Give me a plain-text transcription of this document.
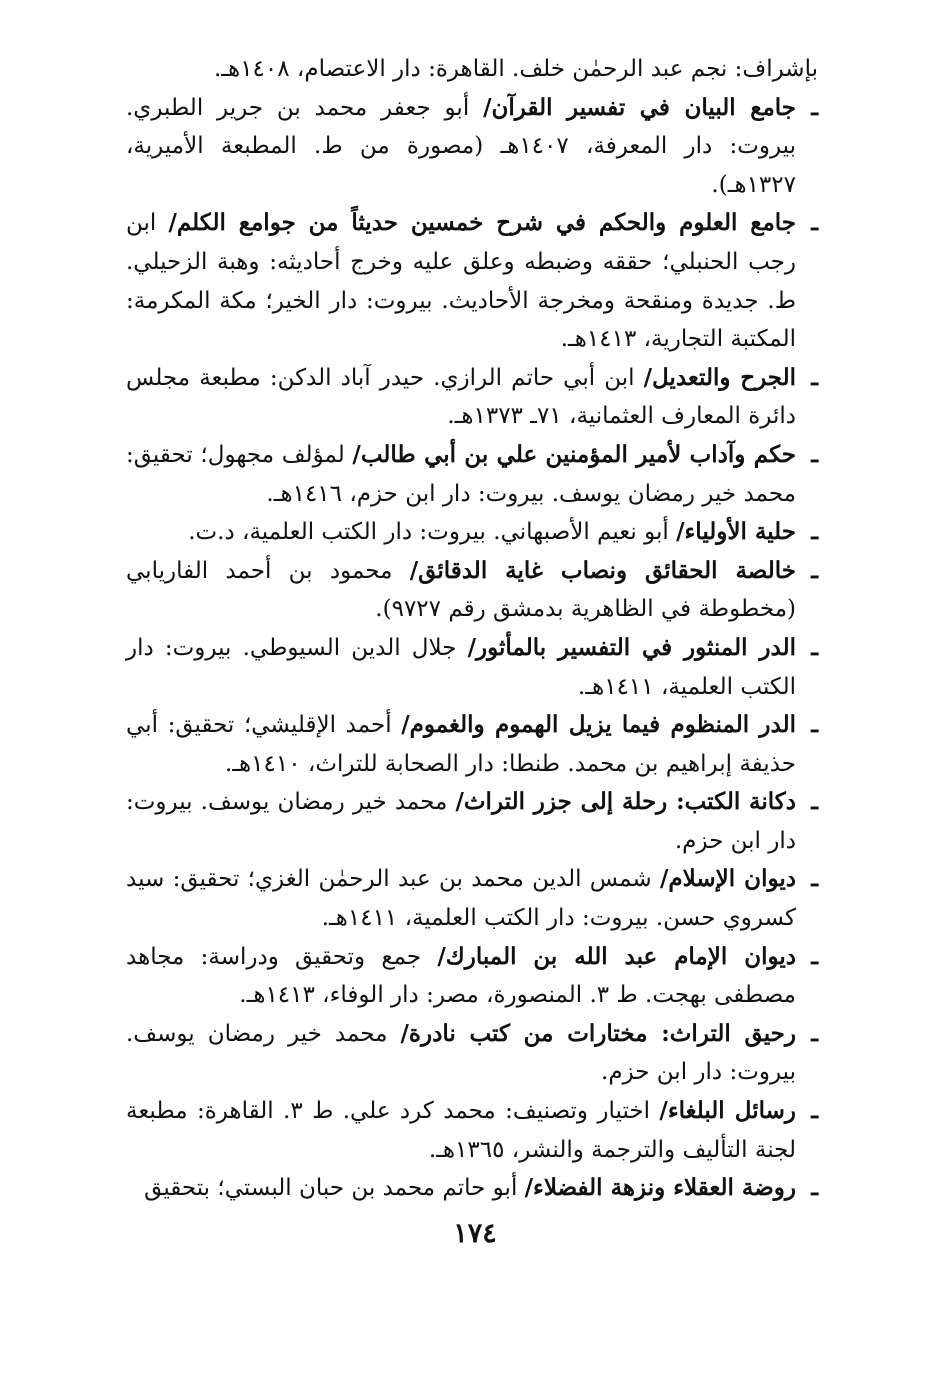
بإشراف: نجم عبد الرحمٰن خلف. القاهرة: دار الاعتصام، ١٤٠٨هـ.

ـجامع البيان في تفسير القرآن/ أبو جعفر محمد بن جرير الطبري. بيروت: دار المعرفة، ١٤٠٧هـ (مصورة من ط. المطبعة الأميرية، ١٣٢٧هـ).

ـجامع العلوم والحكم في شرح خمسين حديثاً من جوامع الكلم/ ابن رجب الحنبلي؛ حققه وضبطه وعلق عليه وخرج أحاديثه: وهبة الزحيلي. ط. جديدة ومنقحة ومخرجة الأحاديث. بيروت: دار الخير؛ مكة المكرمة: المكتبة التجارية، ١٤١٣هـ.

ـالجرح والتعديل/ ابن أبي حاتم الرازي. حيدر آباد الدكن: مطبعة مجلس دائرة المعارف العثمانية، ٧١ـ ١٣٧٣هـ.

ـحكم وآداب لأمير المؤمنين علي بن أبي طالب/ لمؤلف مجهول؛ تحقيق: محمد خير رمضان يوسف. بيروت: دار ابن حزم، ١٤١٦هـ.

ـحلية الأولياء/ أبو نعيم الأصبهاني. بيروت: دار الكتب العلمية، د.ت.

ـخالصة الحقائق ونصاب غاية الدقائق/ محمود بن أحمد الفاريابي (مخطوطة في الظاهرية بدمشق رقم ٩٧٢٧).

ـالدر المنثور في التفسير بالمأثور/ جلال الدين السيوطي. بيروت: دار الكتب العلمية، ١٤١١هـ.

ـالدر المنظوم فيما يزيل الهموم والغموم/ أحمد الإقليشي؛ تحقيق: أبي حذيفة إبراهيم بن محمد. طنطا: دار الصحابة للتراث، ١٤١٠هـ.

ـدكانة الكتب: رحلة إلى جزر التراث/ محمد خير رمضان يوسف. بيروت: دار ابن حزم.

ـديوان الإسلام/ شمس الدين محمد بن عبد الرحمٰن الغزي؛ تحقيق: سيد كسروي حسن. بيروت: دار الكتب العلمية، ١٤١١هـ.

ـديوان الإمام عبد الله بن المبارك/ جمع وتحقيق ودراسة: مجاهد مصطفى بهجت. ط ٣. المنصورة، مصر: دار الوفاء، ١٤١٣هـ.

ـرحيق التراث: مختارات من كتب نادرة/ محمد خير رمضان يوسف. بيروت: دار ابن حزم.

ـرسائل البلغاء/ اختيار وتصنيف: محمد كرد علي. ط ٣. القاهرة: مطبعة لجنة التأليف والترجمة والنشر، ١٣٦٥هـ.

ـروضة العقلاء ونزهة الفضلاء/ أبو حاتم محمد بن حبان البستي؛ بتحقيق

١٧٤
